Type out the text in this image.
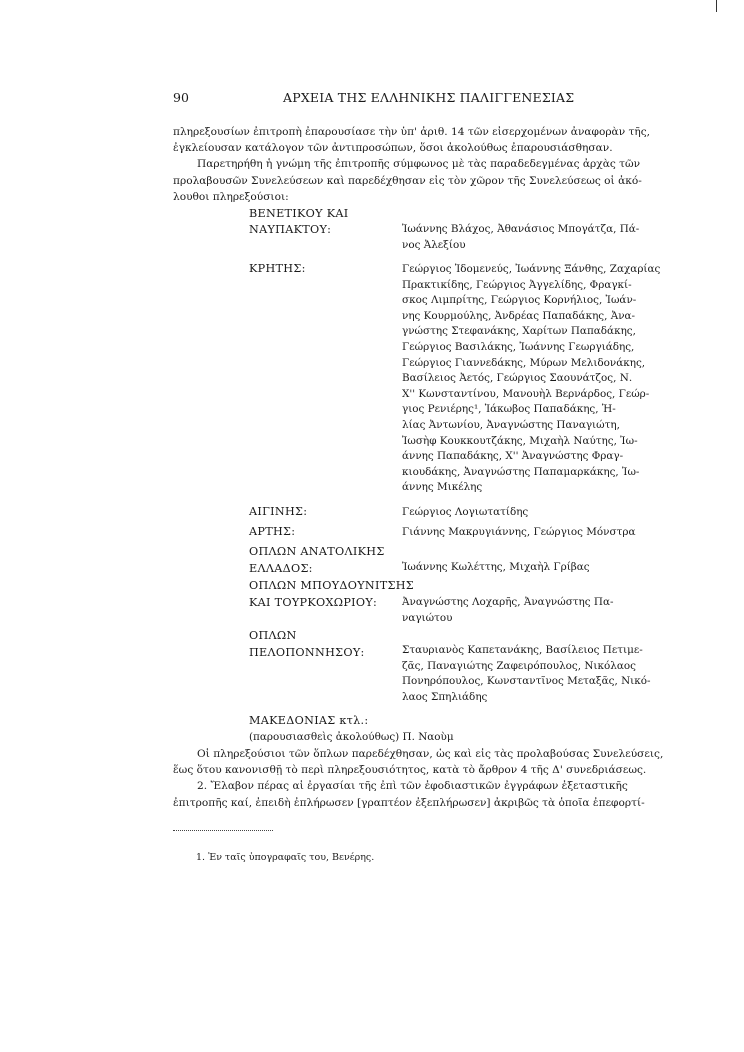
90	ΑΡΧΕΙΑ ΤΗΣ ΕΛΛΗΝΙΚΗΣ ΠΑΛΙΓΓΕΝΕΣΙΑΣ
πληρεξουσίων ἐπιτροπὴ ἐπαρουσίασε τὴν ὑπ' ἀριθ. 14 τῶν εἰσερχομένων ἀναφορὰν τῆς,
ἐγκλείουσαν κατάλογον τῶν ἀντιπροσώπων, ὅσοι ἀκολούθως ἐπαρουσιάσθησαν.
Παρετηρήθη ἡ γνώμη τῆς ἐπιτροπῆς σύμφωνος μὲ τὰς παραδεδεγμένας ἀρχὰς τῶν
προλαβουσῶν Συνελεύσεων καὶ παρεδέχθησαν εἰς τὸν χῶρον τῆς Συνελεύσεως οἱ ἀκό-
λουθοι πληρεξούσιοι:
ΒΕΝΕΤΙΚΟΥ ΚΑΙ
ΝΑΥΠΑΚΤΟΥ:	Ἰωάννης Βλάχος, Ἀθανάσιος Μπογάτζα, Πά-
νος Ἀλεξίου
ΚΡΗΤΗΣ:	Γεώργιος Ἰδομενεύς, Ἰωάννης Ξάνθης, Ζαχαρίας
Πρακτικίδης, Γεώργιος Ἀγγελίδης, Φραγκί-
σκος Λιμπρίτης, Γεώργιος Κορνήλιος, Ἰωάν-
νης Κουρμούλης, Ἀνδρέας Παπαδάκης, Ἀνα-
γνώστης Στεφανάκης, Χαρίτων Παπαδάκης,
Γεώργιος Βασιλάκης, Ἰωάννης Γεωργιάδης,
Γεώργιος Γιαννεδάκης, Μύρων Μελιδονάκης,
Βασίλειος Ἀετός, Γεώργιος Σαουνάτζος, Ν.
Χ'' Κωνσταντίνου, Μανουὴλ Βερνάρδος, Γεώρ-
γιος Ρενιέρης¹, Ἰάκωβος Παπαδάκης, Ἠ-
λίας Ἀντωνίου, Ἀναγνώστης Παναγιώτη,
Ἰωσὴφ Κουκκουτζάκης, Μιχαὴλ Ναύτης, Ἰω-
άννης Παπαδάκης, Χ'' Ἀναγνώστης Φραγ-
κιουδάκης, Ἀναγνώστης Παπαμαρκάκης, Ἰω-
άννης Μικέλης
ΑΙΓΙΝΗΣ:	Γεώργιος Λογιωτατίδης
ΑΡΤΗΣ:	Γιάννης Μακρυγιάννης, Γεώργιος Μόνστρα
ΟΠΛΩΝ ΑΝΑΤΟΛΙΚΗΣ
ΕΛΛΑΔΟΣ:	Ἰωάννης Κωλέττης, Μιχαὴλ Γρίβας
ΟΠΛΩΝ ΜΠΟΥΔΟΥΝΙΤΣΗΣ
ΚΑΙ ΤΟΥΡΚΟΧΩΡΙΟΥ:	Ἀναγνώστης Λοχαρῆς, Ἀναγνώστης Πα-
ναγιώτου
ΟΠΛΩΝ
ΠΕΛΟΠΟΝΝΗΣΟΥ:	Σταυριανὸς Καπετανάκης, Βασίλειος Πετιμε-
ζᾶς, Παναγιώτης Ζαφειρόπουλος, Νικόλαος
Πονηρόπουλος, Κωνσταντῖνος Μεταξᾶς, Νικό-
λαος Σπηλιάδης
ΜΑΚΕΔΟΝΙΑΣ κτλ.:
(παρουσιασθεὶς ἀκολούθως) Π. Ναοὺμ
Οἱ πληρεξούσιοι τῶν ὅπλων παρεδέχθησαν, ὡς καὶ εἰς τὰς προλαβούσας Συνελεύσεις,
ἕως ὅτου κανονισθῇ τὸ περὶ πληρεξουσιότητος, κατὰ τὸ ἄρθρον 4 τῆς Δ' συνεδριάσεως.
2. Ἔλαβον πέρας αἱ ἐργασίαι τῆς ἐπὶ τῶν ἐφοδιαστικῶν ἐγγράφων ἐξεταστικῆς
ἐπιτροπῆς καί, ἐπειδὴ ἐπλήρωσεν [γραπτέον ἐξεπλήρωσεν] ἀκριβῶς τὰ ὁποῖα ἐπεφορτί-
1. Ἐν ταῖς ὑπογραφαῖς του, Βενέρης.
